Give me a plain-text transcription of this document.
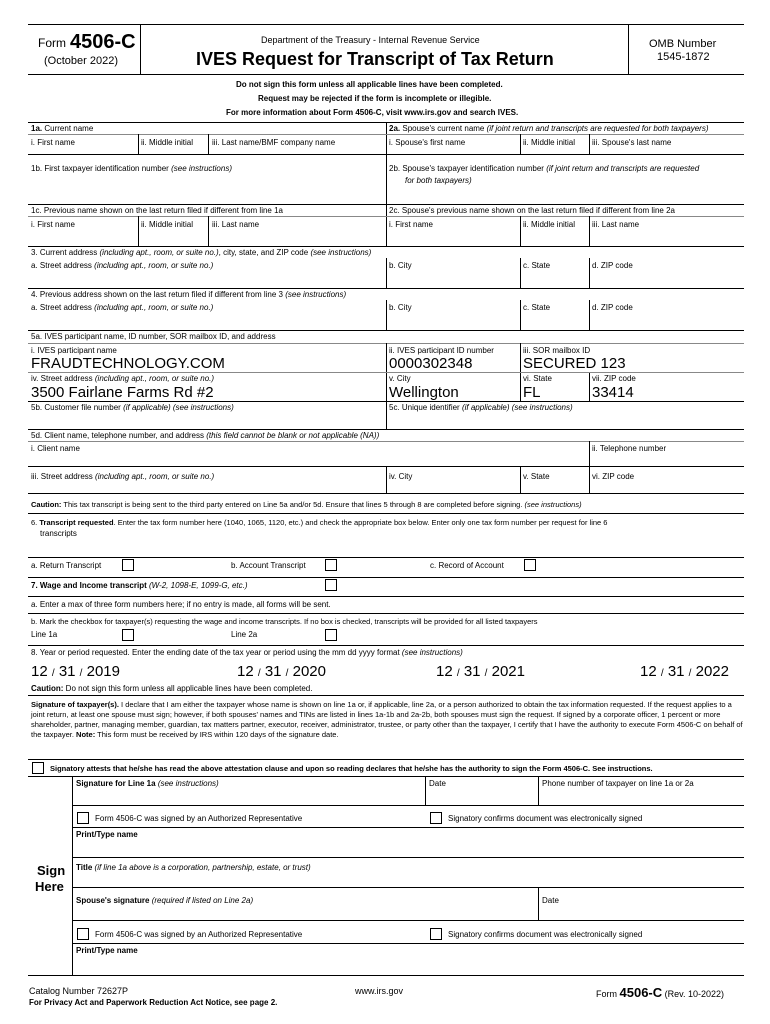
Form 4506-C
(October 2022)
Department of the Treasury - Internal Revenue Service
IVES Request for Transcript of Tax Return
OMB Number
1545-1872
Do not sign this form unless all applicable lines have been completed.
Request may be rejected if the form is incomplete or illegible.
For more information about Form 4506-C, visit www.irs.gov and search IVES.
1a. Current name
i. First name	ii. Middle initial iii. Last name/BMF company name
2a. Spouse's current name (if joint return and transcripts are requested for both taxpayers)
i. Spouse's first name	ii. Middle initial iii. Spouse's last name
1b. First taxpayer identification number (see instructions)	2b. Spouse's taxpayer identification number (if joint return and transcripts are requested
for both taxpayers)
1c. Previous name shown on the last return filed if different from line 1a
i. First name	ii. Middle initial iii. Last name
2c. Spouse's previous name shown on the last return filed if different from line 2a
i. First name	ii. Middle initial iii. Last name
3. Current address (including apt., room, or suite no.), city, state, and ZIP code (see instructions)
a. Street address (including apt., room, or suite no.)	b. City	c. State	d. ZIP code
4. Previous address shown on the last return filed if different from line 3 (see instructions)
a. Street address (including apt., room, or suite no.)	b. City	c. State	d. ZIP code
5a. IVES participant name, ID number, SOR mailbox ID, and address
i. IVES participant name
FRAUDTECHNOLOGY.COM
ii. IVES participant ID number
0000302348
iii. SOR mailbox ID
SECURED 123
iv. Street address (including apt., room, or suite no.)
3500 Fairlane Farms Rd #2
v. City
Wellington
vi. State
FL
vii. ZIP code
33414
5b. Customer file number (if applicable) (see instructions)	5c. Unique identifier (if applicable) (see instructions)
5d. Client name, telephone number, and address (this field cannot be blank or not applicable (NA))
i. Client name	ii. Telephone number
iii. Street address (including apt., room, or suite no.)	iv. City	v. State	vi. ZIP code
Caution: This tax transcript is being sent to the third party entered on Line 5a and/or 5d. Ensure that lines 5 through 8 are completed before signing. (see instructions)
6. Transcript requested. Enter the tax form number here (1040, 1065, 1120, etc.) and check the appropriate box below. Enter only one tax form number per request for line 6
transcripts
a. Return Transcript	b. Account Transcript	c. Record of Account
7. Wage and Income transcript (W-2, 1098-E, 1099-G, etc.)
a. Enter a max of three form numbers here; if no entry is made, all forms will be sent.
b. Mark the checkbox for taxpayer(s) requesting the wage and income transcripts. If no box is checked, transcripts will be provided for all listed taxpayers
Line 1a	Line 2a
8. Year or period requested. Enter the ending date of the tax year or period using the mm dd yyyy format (see instructions)
12 / 31 / 2019	12 / 31 / 2020	12 / 31 / 2021	12 / 31 / 2022
Caution: Do not sign this form unless all applicable lines have been completed.
Signature of taxpayer(s). I declare that I am either the taxpayer whose name is shown on line 1a or, if applicable, line 2a, or a person authorized to obtain the tax information requested. If the request applies to a joint return, at least one spouse must sign; however, if both spouses' names and TINs are listed in lines 1a-1b and 2a-2b, both spouses must sign the request. If signed by a corporate officer, 1 percent or more shareholder, partner, managing member, guardian, tax matters partner, executor, receiver, administrator, trustee, or party other than the taxpayer, I certify that I have the authority to execute Form 4506-C on behalf of the taxpayer. Note: This form must be received by IRS within 120 days of the signature date.
Signatory attests that he/she has read the above attestation clause and upon so reading declares that he/she has the authority to sign the Form 4506-C. See instructions.
Sign
Here
Signature for Line 1a (see instructions)	Date	Phone number of taxpayer on line 1a or 2a
Form 4506-C was signed by an Authorized Representative	Signatory confirms document was electronically signed
Print/Type name
Title (if line 1a above is a corporation, partnership, estate, or trust)
Spouse's signature (required if listed on Line 2a)	Date
Form 4506-C was signed by an Authorized Representative	Signatory confirms document was electronically signed
Print/Type name
Catalog Number 72627P
For Privacy Act and Paperwork Reduction Act Notice, see page 2.
www.irs.gov	Form 4506-C (Rev. 10-2022)
